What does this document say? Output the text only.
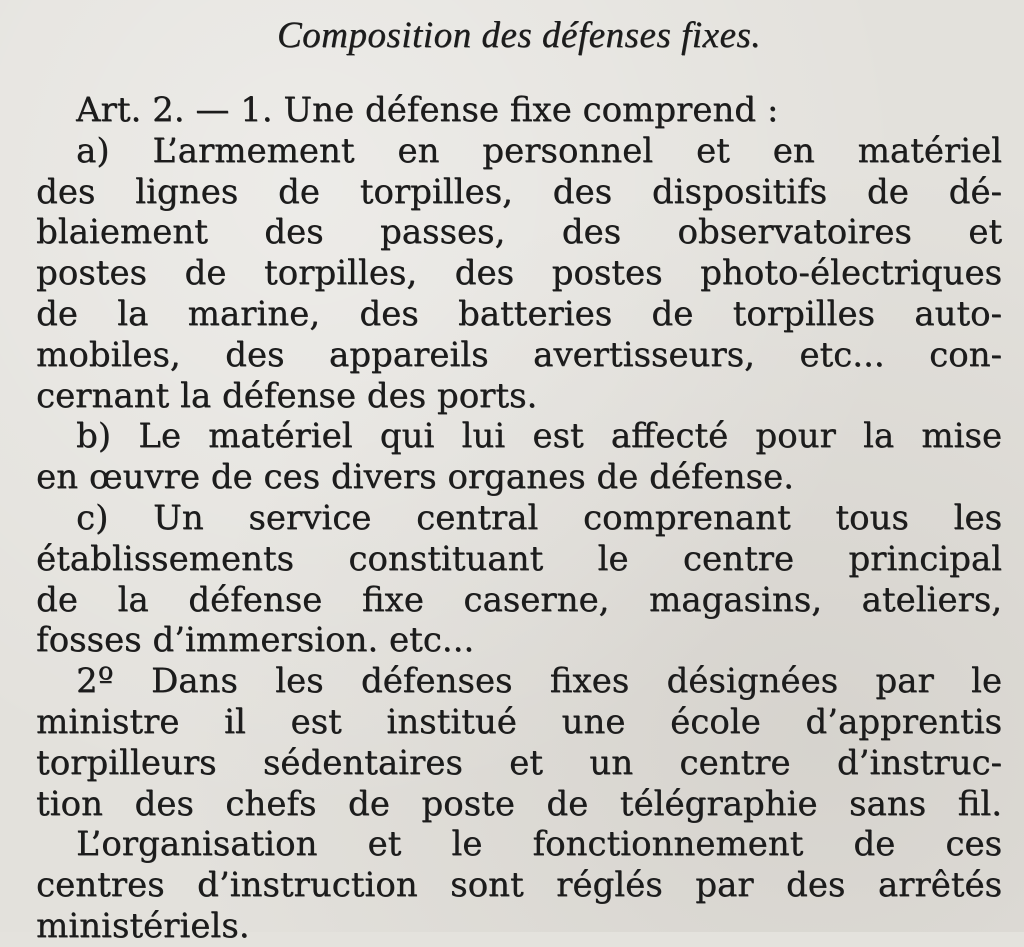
Composition des défenses fixes.
Art. 2. — 1. Une défense fixe comprend :
a) L’armement en personnel et en matériel
des lignes de torpilles, des dispositifs de dé-
blaiement des passes, des observatoires et
postes de torpilles, des postes photo-électriques
de la marine, des batteries de torpilles auto-
mobiles, des appareils avertisseurs, etc... con-
cernant la défense des ports.
b) Le matériel qui lui est affecté pour la mise
en œuvre de ces divers organes de défense.
c) Un service central comprenant tous les
établissements constituant le centre principal
de la défense fixe caserne, magasins, ateliers,
fosses d’immersion. etc...
2º Dans les défenses fixes désignées par le
ministre il est institué une école d’apprentis
torpilleurs sédentaires et un centre d’instruc-
tion des chefs de poste de télégraphie sans fil.
L’organisation et le fonctionnement de ces
centres d’instruction sont réglés par des arrêtés
ministériels.
